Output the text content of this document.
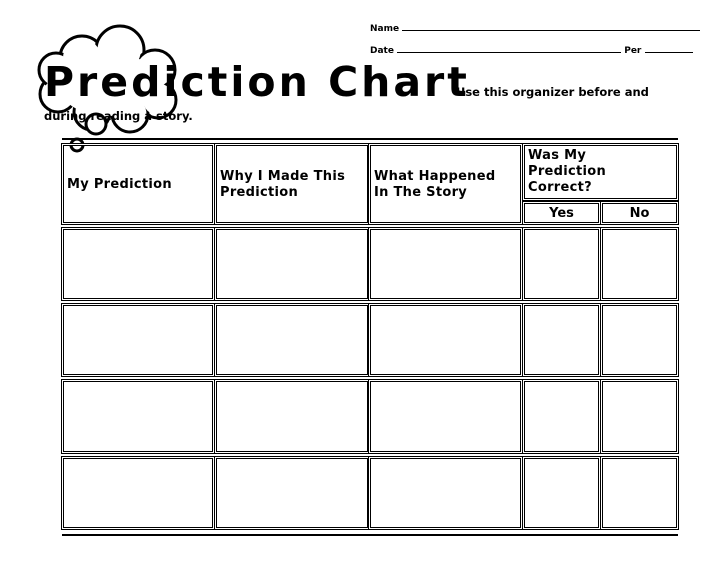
Name
Date	Per
Prediction Chart
Use this organizer before and
during reading a story.
My Prediction
Why I Made This Prediction
What Happened In The Story
Was My Prediction Correct?
Yes	No
